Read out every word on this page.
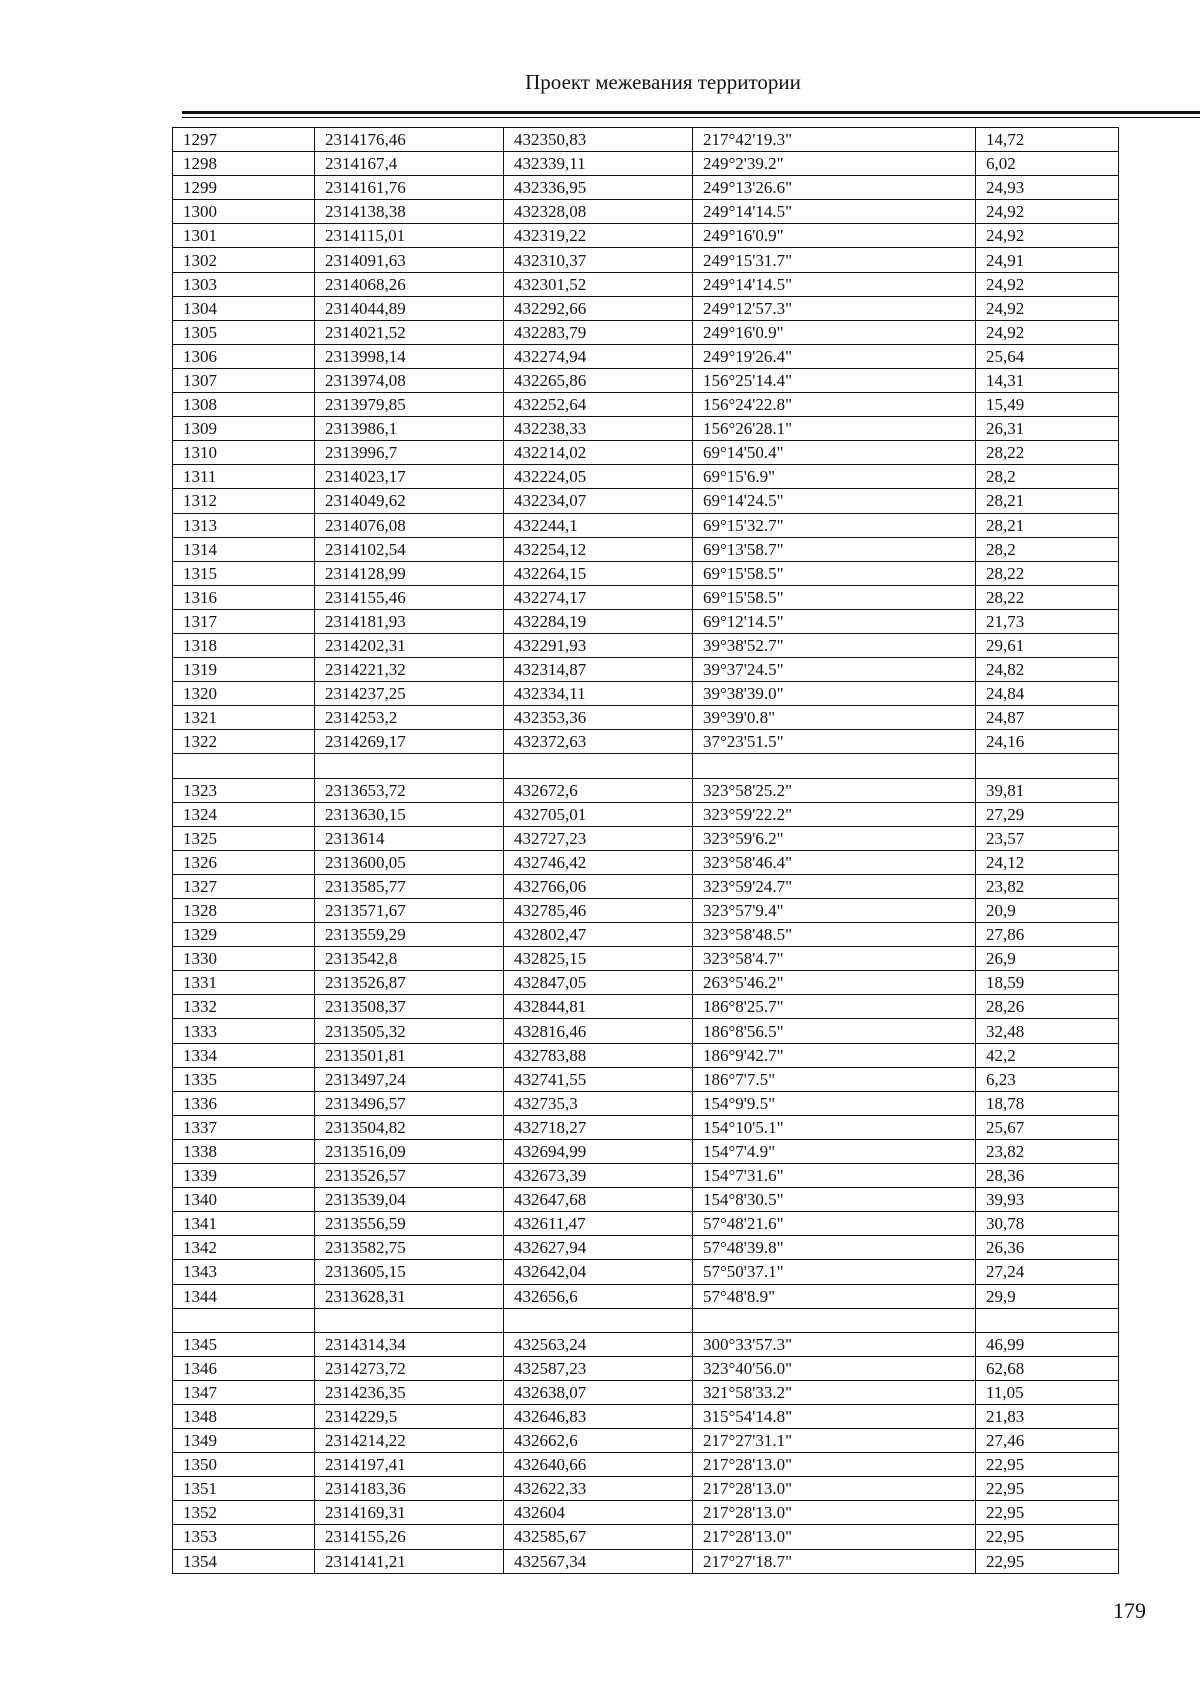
Проект межевания территории
1297	2314176,46	432350,83	217°42'19.3"	14,72
1298	2314167,4	432339,11	249°2'39.2"	6,02
1299	2314161,76	432336,95	249°13'26.6"	24,93
1300	2314138,38	432328,08	249°14'14.5"	24,92
1301	2314115,01	432319,22	249°16'0.9"	24,92
1302	2314091,63	432310,37	249°15'31.7"	24,91
1303	2314068,26	432301,52	249°14'14.5"	24,92
1304	2314044,89	432292,66	249°12'57.3"	24,92
1305	2314021,52	432283,79	249°16'0.9"	24,92
1306	2313998,14	432274,94	249°19'26.4"	25,64
1307	2313974,08	432265,86	156°25'14.4"	14,31
1308	2313979,85	432252,64	156°24'22.8"	15,49
1309	2313986,1	432238,33	156°26'28.1"	26,31
1310	2313996,7	432214,02	69°14'50.4"	28,22
1311	2314023,17	432224,05	69°15'6.9"	28,2
1312	2314049,62	432234,07	69°14'24.5"	28,21
1313	2314076,08	432244,1	69°15'32.7"	28,21
1314	2314102,54	432254,12	69°13'58.7"	28,2
1315	2314128,99	432264,15	69°15'58.5"	28,22
1316	2314155,46	432274,17	69°15'58.5"	28,22
1317	2314181,93	432284,19	69°12'14.5"	21,73
1318	2314202,31	432291,93	39°38'52.7"	29,61
1319	2314221,32	432314,87	39°37'24.5"	24,82
1320	2314237,25	432334,11	39°38'39.0"	24,84
1321	2314253,2	432353,36	39°39'0.8"	24,87
1322	2314269,17	432372,63	37°23'51.5"	24,16

1323	2313653,72	432672,6	323°58'25.2"	39,81
1324	2313630,15	432705,01	323°59'22.2"	27,29
1325	2313614	432727,23	323°59'6.2"	23,57
1326	2313600,05	432746,42	323°58'46.4"	24,12
1327	2313585,77	432766,06	323°59'24.7"	23,82
1328	2313571,67	432785,46	323°57'9.4"	20,9
1329	2313559,29	432802,47	323°58'48.5"	27,86
1330	2313542,8	432825,15	323°58'4.7"	26,9
1331	2313526,87	432847,05	263°5'46.2"	18,59
1332	2313508,37	432844,81	186°8'25.7"	28,26
1333	2313505,32	432816,46	186°8'56.5"	32,48
1334	2313501,81	432783,88	186°9'42.7"	42,2
1335	2313497,24	432741,55	186°7'7.5"	6,23
1336	2313496,57	432735,3	154°9'9.5"	18,78
1337	2313504,82	432718,27	154°10'5.1"	25,67
1338	2313516,09	432694,99	154°7'4.9"	23,82
1339	2313526,57	432673,39	154°7'31.6"	28,36
1340	2313539,04	432647,68	154°8'30.5"	39,93
1341	2313556,59	432611,47	57°48'21.6"	30,78
1342	2313582,75	432627,94	57°48'39.8"	26,36
1343	2313605,15	432642,04	57°50'37.1"	27,24
1344	2313628,31	432656,6	57°48'8.9"	29,9

1345	2314314,34	432563,24	300°33'57.3"	46,99
1346	2314273,72	432587,23	323°40'56.0"	62,68
1347	2314236,35	432638,07	321°58'33.2"	11,05
1348	2314229,5	432646,83	315°54'14.8"	21,83
1349	2314214,22	432662,6	217°27'31.1"	27,46
1350	2314197,41	432640,66	217°28'13.0"	22,95
1351	2314183,36	432622,33	217°28'13.0"	22,95
1352	2314169,31	432604	217°28'13.0"	22,95
1353	2314155,26	432585,67	217°28'13.0"	22,95
1354	2314141,21	432567,34	217°27'18.7"	22,95
179
